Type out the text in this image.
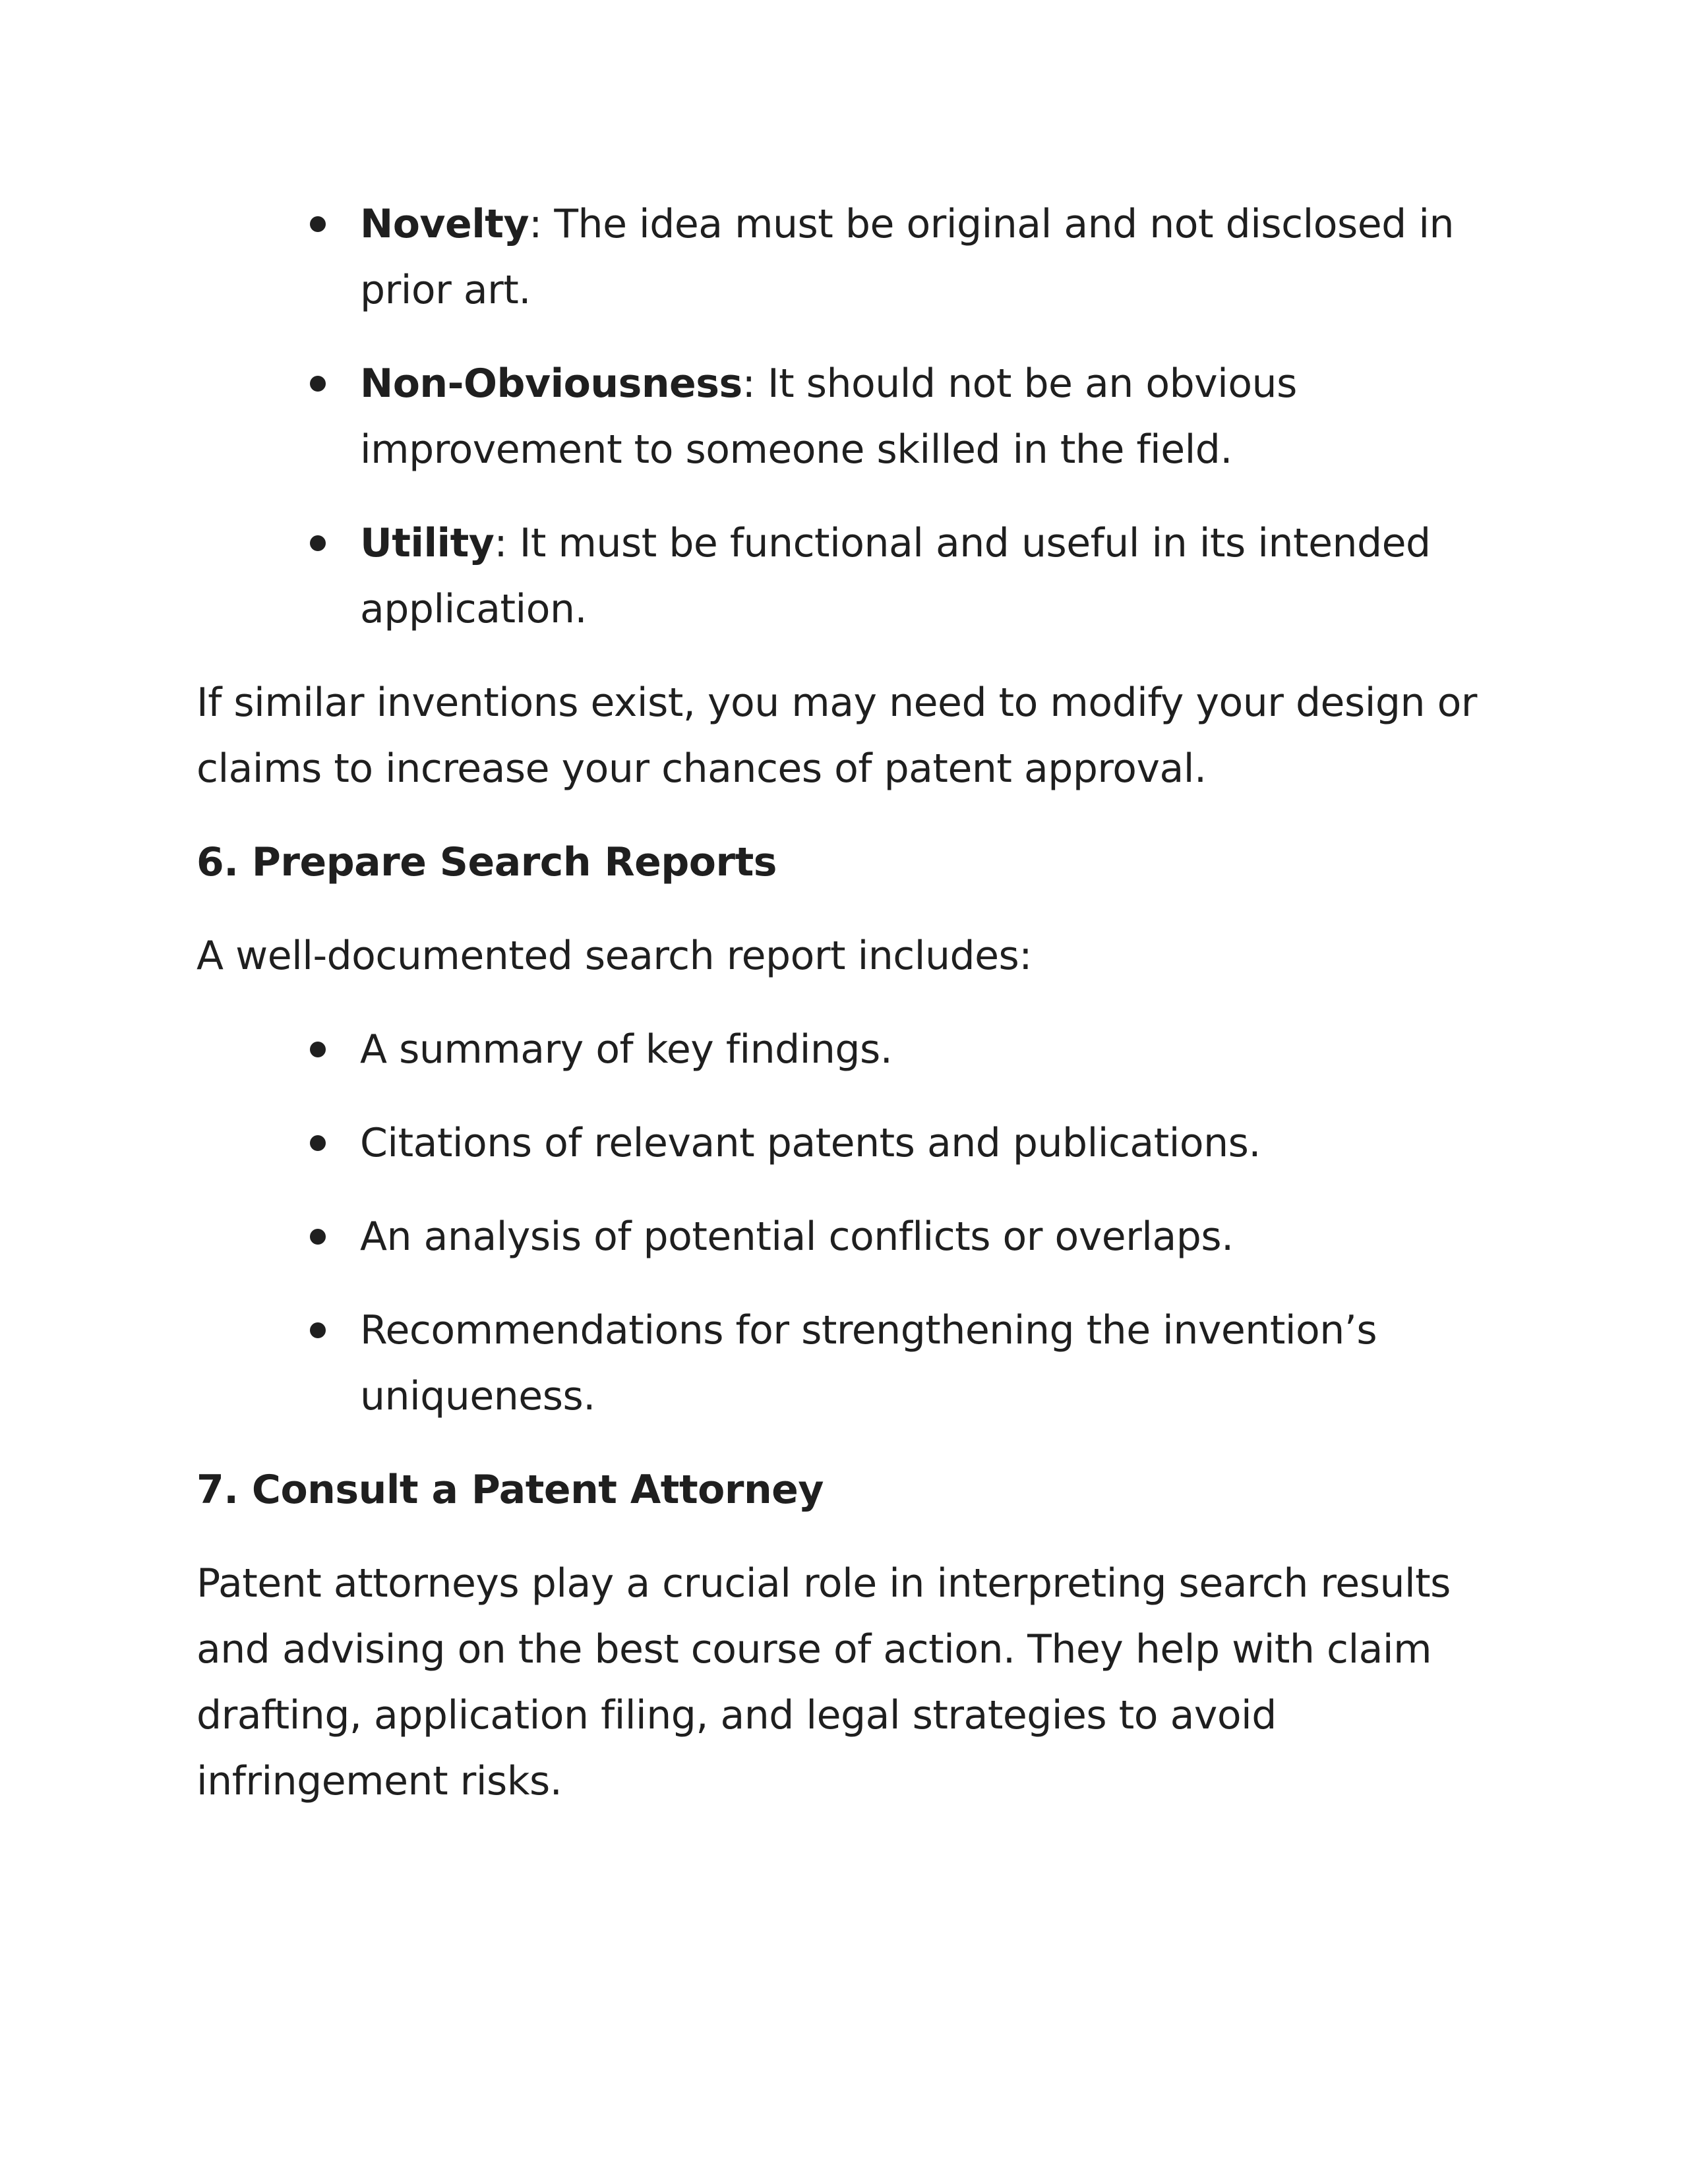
Novelty: The idea must be original and not disclosed in prior art.
Non-Obviousness: It should not be an obvious improvement to someone skilled in the field.
Utility: It must be functional and useful in its intended application.

If similar inventions exist, you may need to modify your design or claims to increase your chances of patent approval.

6. Prepare Search Reports

A well-documented search report includes:

A summary of key findings.
Citations of relevant patents and publications.
An analysis of potential conflicts or overlaps.
Recommendations for strengthening the invention’s uniqueness.
7. Consult a Patent Attorney

Patent attorneys play a crucial role in interpreting search results and advising on the best course of action. They help with claim drafting, application filing, and legal strategies to avoid infringement risks.
